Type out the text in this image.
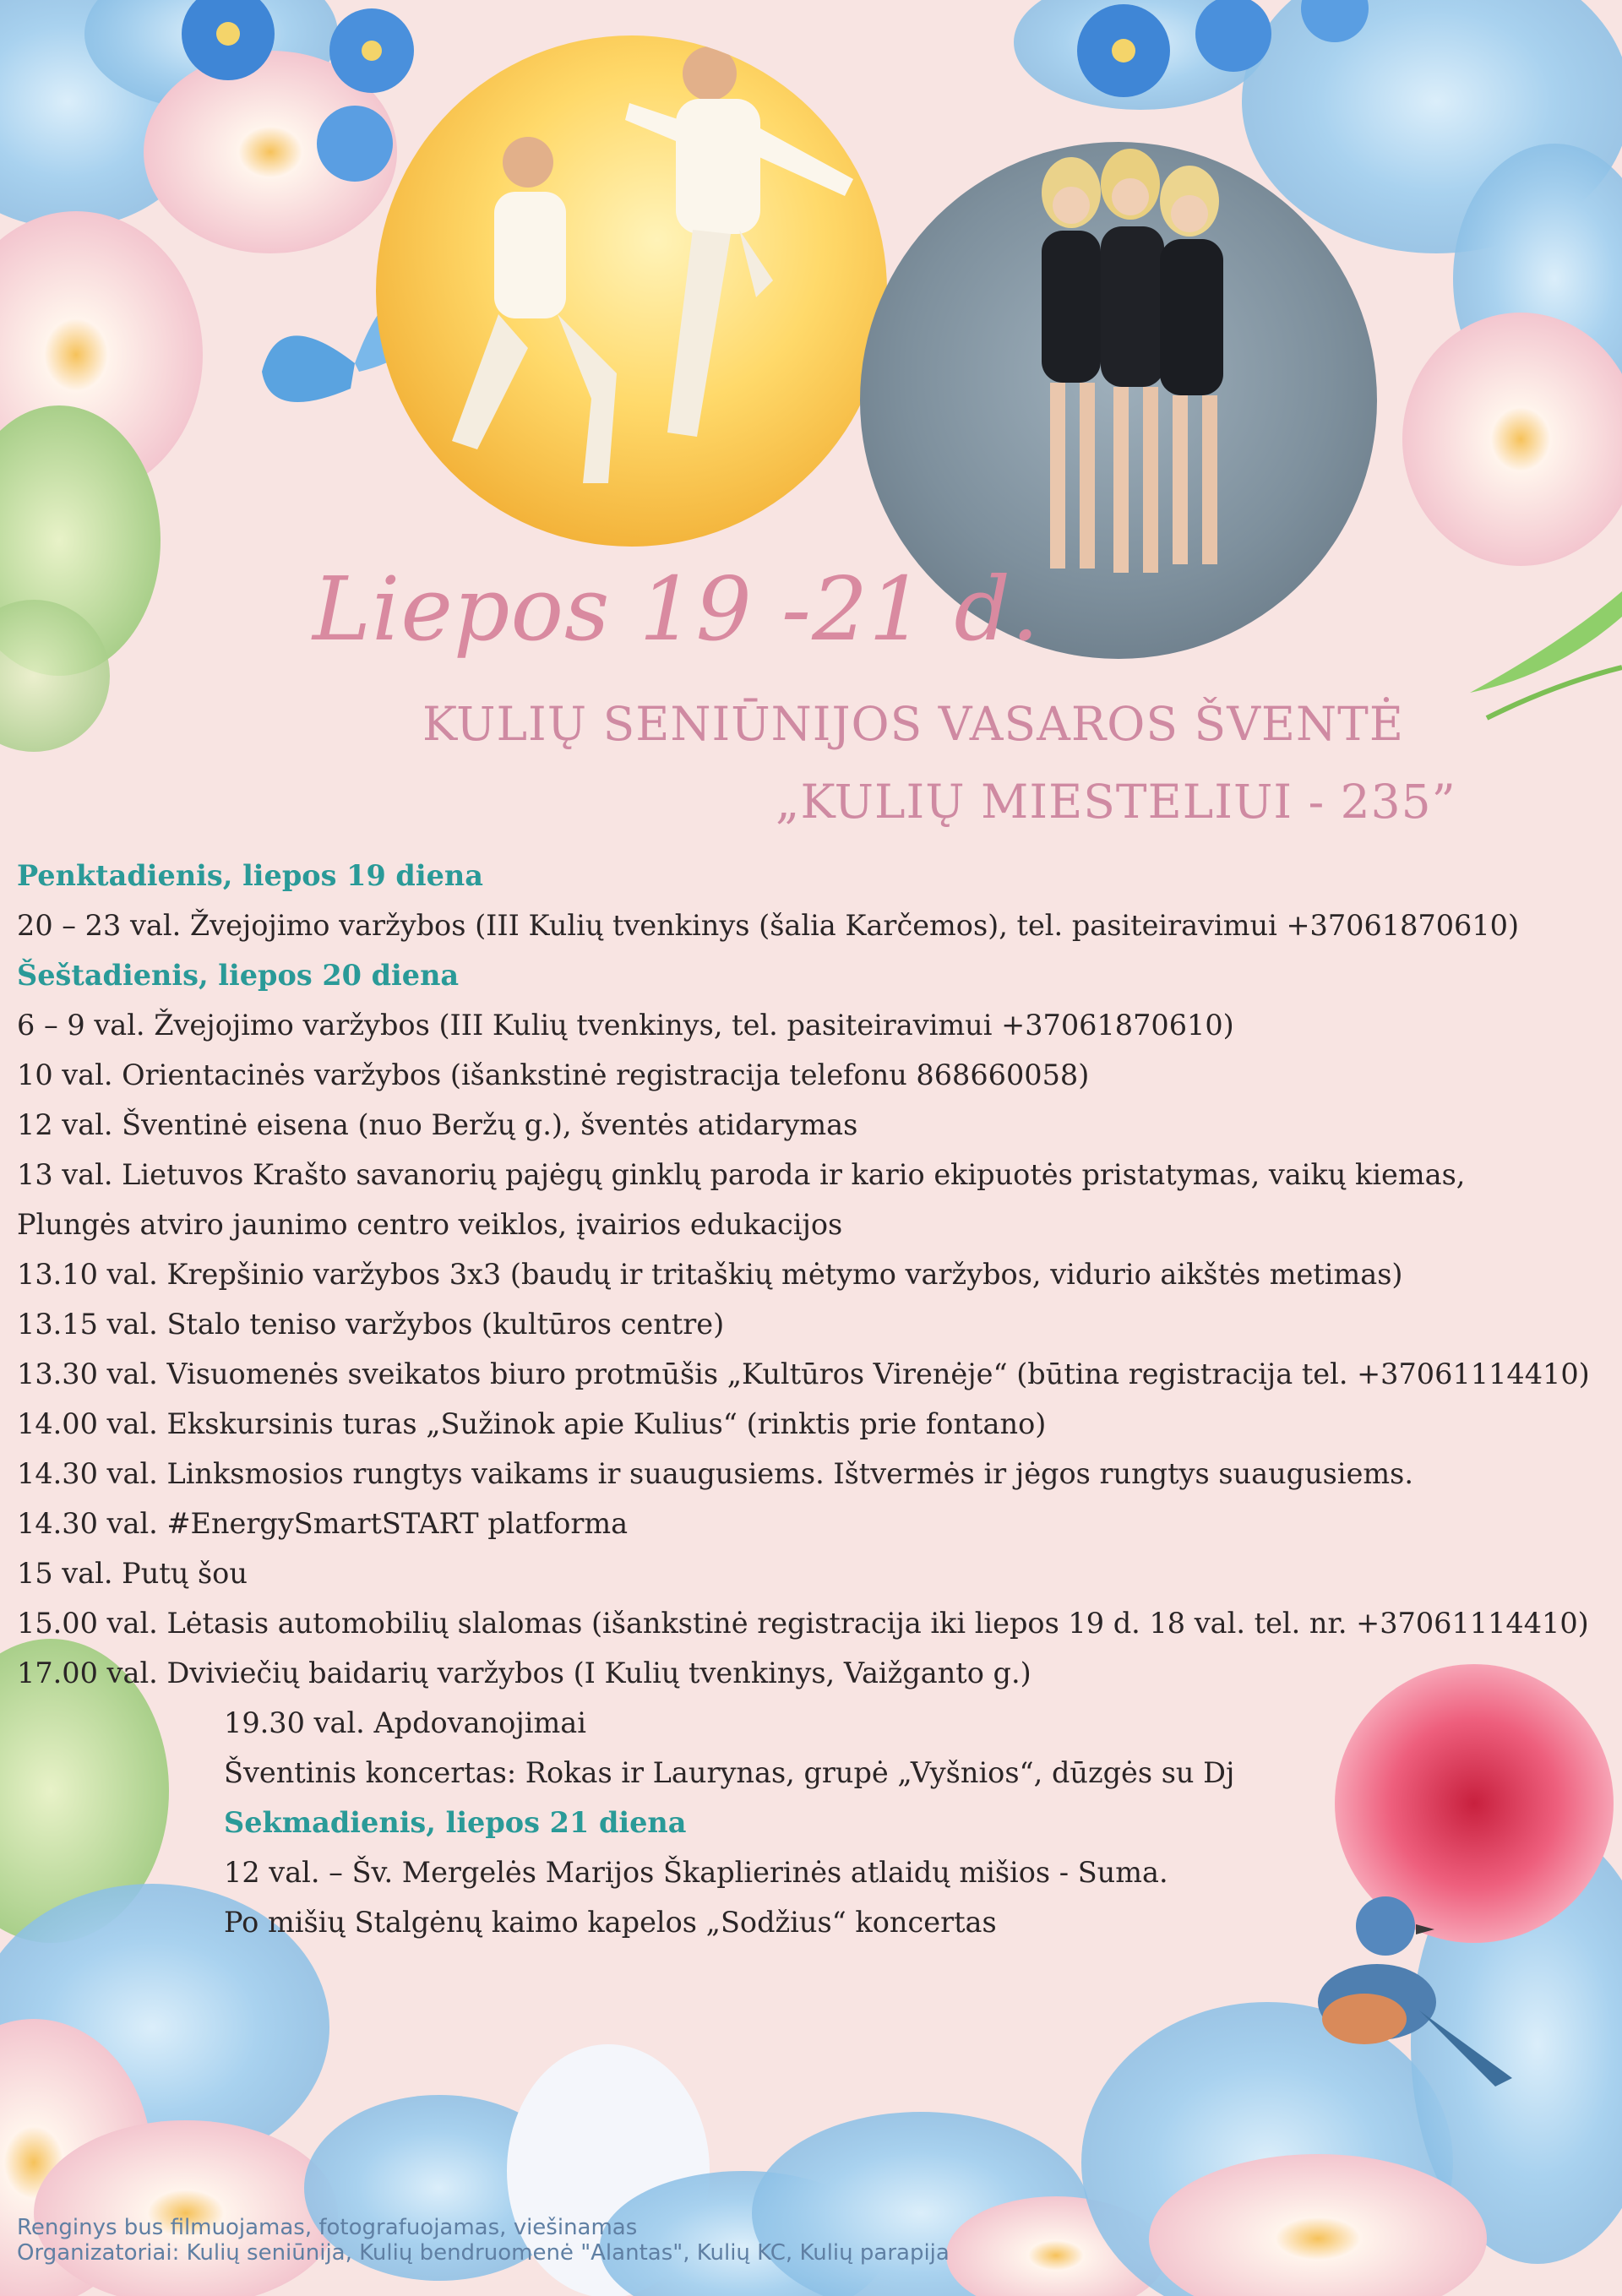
Liepos 19 -21 d.
KULIŲ SENIŪNIJOS VASAROS ŠVENTĖ
„KULIŲ MIESTELIUI - 235”
Penktadienis, liepos 19 diena
20 – 23 val. Žvejojimo varžybos (III Kulių tvenkinys (šalia Karčemos), tel. pasiteiravimui +37061870610)
Šeštadienis, liepos 20 diena
6 – 9 val. Žvejojimo varžybos (III Kulių tvenkinys, tel. pasiteiravimui +37061870610)
10 val. Orientacinės varžybos (išankstinė registracija telefonu 868660058)
12 val. Šventinė eisena (nuo Beržų g.), šventės atidarymas
13 val. Lietuvos Krašto savanorių pajėgų ginklų paroda ir kario ekipuotės pristatymas, vaikų kiemas,
Plungės atviro jaunimo centro veiklos, įvairios edukacijos
13.10 val. Krepšinio varžybos 3x3 (baudų ir tritaškių mėtymo varžybos, vidurio aikštės metimas)
13.15 val. Stalo teniso varžybos (kultūros centre)
13.30 val. Visuomenės sveikatos biuro protmūšis „Kultūros Virenėje“ (būtina registracija tel. +37061114410)
14.00 val. Ekskursinis turas „Sužinok apie Kulius“ (rinktis prie fontano)
14.30 val. Linksmosios rungtys vaikams ir suaugusiems. Ištvermės ir jėgos rungtys suaugusiems.
14.30 val. #EnergySmartSTART platforma
15 val. Putų šou
15.00 val. Lėtasis automobilių slalomas (išankstinė registracija iki liepos 19 d. 18 val. tel. nr. +37061114410)
17.00 val. Dviviečių baidarių varžybos (I Kulių tvenkinys, Vaižganto g.)
19.30 val. Apdovanojimai
Šventinis koncertas: Rokas ir Laurynas, grupė „Vyšnios“, dūzgės su Dj
Sekmadienis, liepos 21 diena
12 val. – Šv. Mergelės Marijos Škaplierinės atlaidų mišios - Suma.
Po mišių Stalgėnų kaimo kapelos „Sodžius“ koncertas
Renginys bus filmuojamas, fotografuojamas, viešinamas
Organizatoriai: Kulių seniūnija, Kulių bendruomenė "Alantas", Kulių KC, Kulių parapija
